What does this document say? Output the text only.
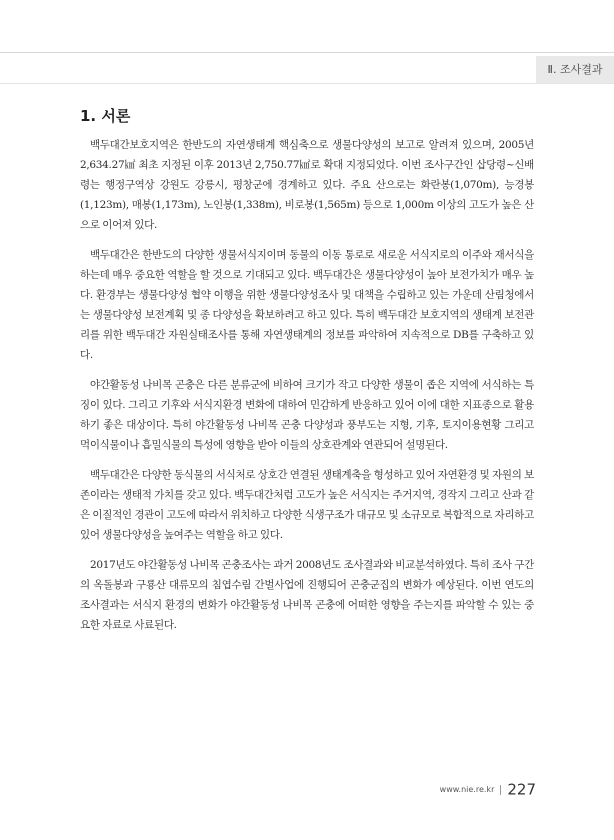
Ⅱ. 조사결과
1. 서론

백두대간보호지역은 한반도의 자연생태계 핵심축으로 생물다양성의 보고로 알려져 있으며, 2005년 2,634.27㎢ 최초 지정된 이후 2013년 2,750.77㎢로 확대 지정되었다. 이번 조사구간인 삽당령~신배령는 행정구역상 강원도 강릉시, 평창군에 경계하고 있다. 주요 산으로는 화란봉(1,070m), 능경봉(1,123m), 매봉(1,173m), 노인봉(1,338m), 비로봉(1,565m) 등으로 1,000m 이상의 고도가 높은 산으로 이어져 있다.

백두대간은 한반도의 다양한 생물서식지이며 동물의 이동 통로로 새로운 서식지로의 이주와 재서식을 하는데 매우 중요한 역할을 할 것으로 기대되고 있다. 백두대간은 생물다양성이 높아 보전가치가 매우 높다. 환경부는 생물다양성 협약 이행을 위한 생물다양성조사 및 대책을 수립하고 있는 가운데 산림청에서는 생물다양성 보전계획 및 종 다양성을 확보하려고 하고 있다. 특히 백두대간 보호지역의 생태계 보전관리를 위한 백두대간 자원실태조사를 통해 자연생태계의 정보를 파악하여 지속적으로 DB를 구축하고 있다.

야간활동성 나비목 곤충은 다른 분류군에 비하여 크기가 작고 다양한 생물이 좁은 지역에 서식하는 특징이 있다. 그리고 기후와 서식지환경 변화에 대하여 민감하게 반응하고 있어 이에 대한 지표종으로 활용하기 좋은 대상이다. 특히 야간활동성 나비목 곤충 다양성과 풍부도는 지형, 기후, 토지이용현황 그리고 먹이식물이나 흡밀식물의 특성에 영향을 받아 이들의 상호관계와 연관되어 설명된다.

백두대간은 다양한 동식물의 서식처로 상호간 연결된 생태계축을 형성하고 있어 자연환경 및 자원의 보존이라는 생태적 가치를 갖고 있다. 백두대간처럼 고도가 높은 서식지는 주거지역, 경작지 그리고 산과 같은 이질적인 경관이 고도에 따라서 위치하고 다양한 식생구조가 대규모 및 소규모로 복합적으로 자리하고 있어 생물다양성을 높여주는 역할을 하고 있다.

2017년도 야간활동성 나비목 곤충조사는 과거 2008년도 조사결과와 비교분석하였다. 특히 조사 구간의 옥돌봉과 구룡산 대류모의 침엽수림 간벌사업에 진행되어 곤충군집의 변화가 예상된다. 이번 연도의 조사결과는 서식지 환경의 변화가 야간활동성 나비목 곤충에 어떠한 영향을 주는지를 파악할 수 있는 중요한 자료로 사료된다.

www.nie.re.kr 227
